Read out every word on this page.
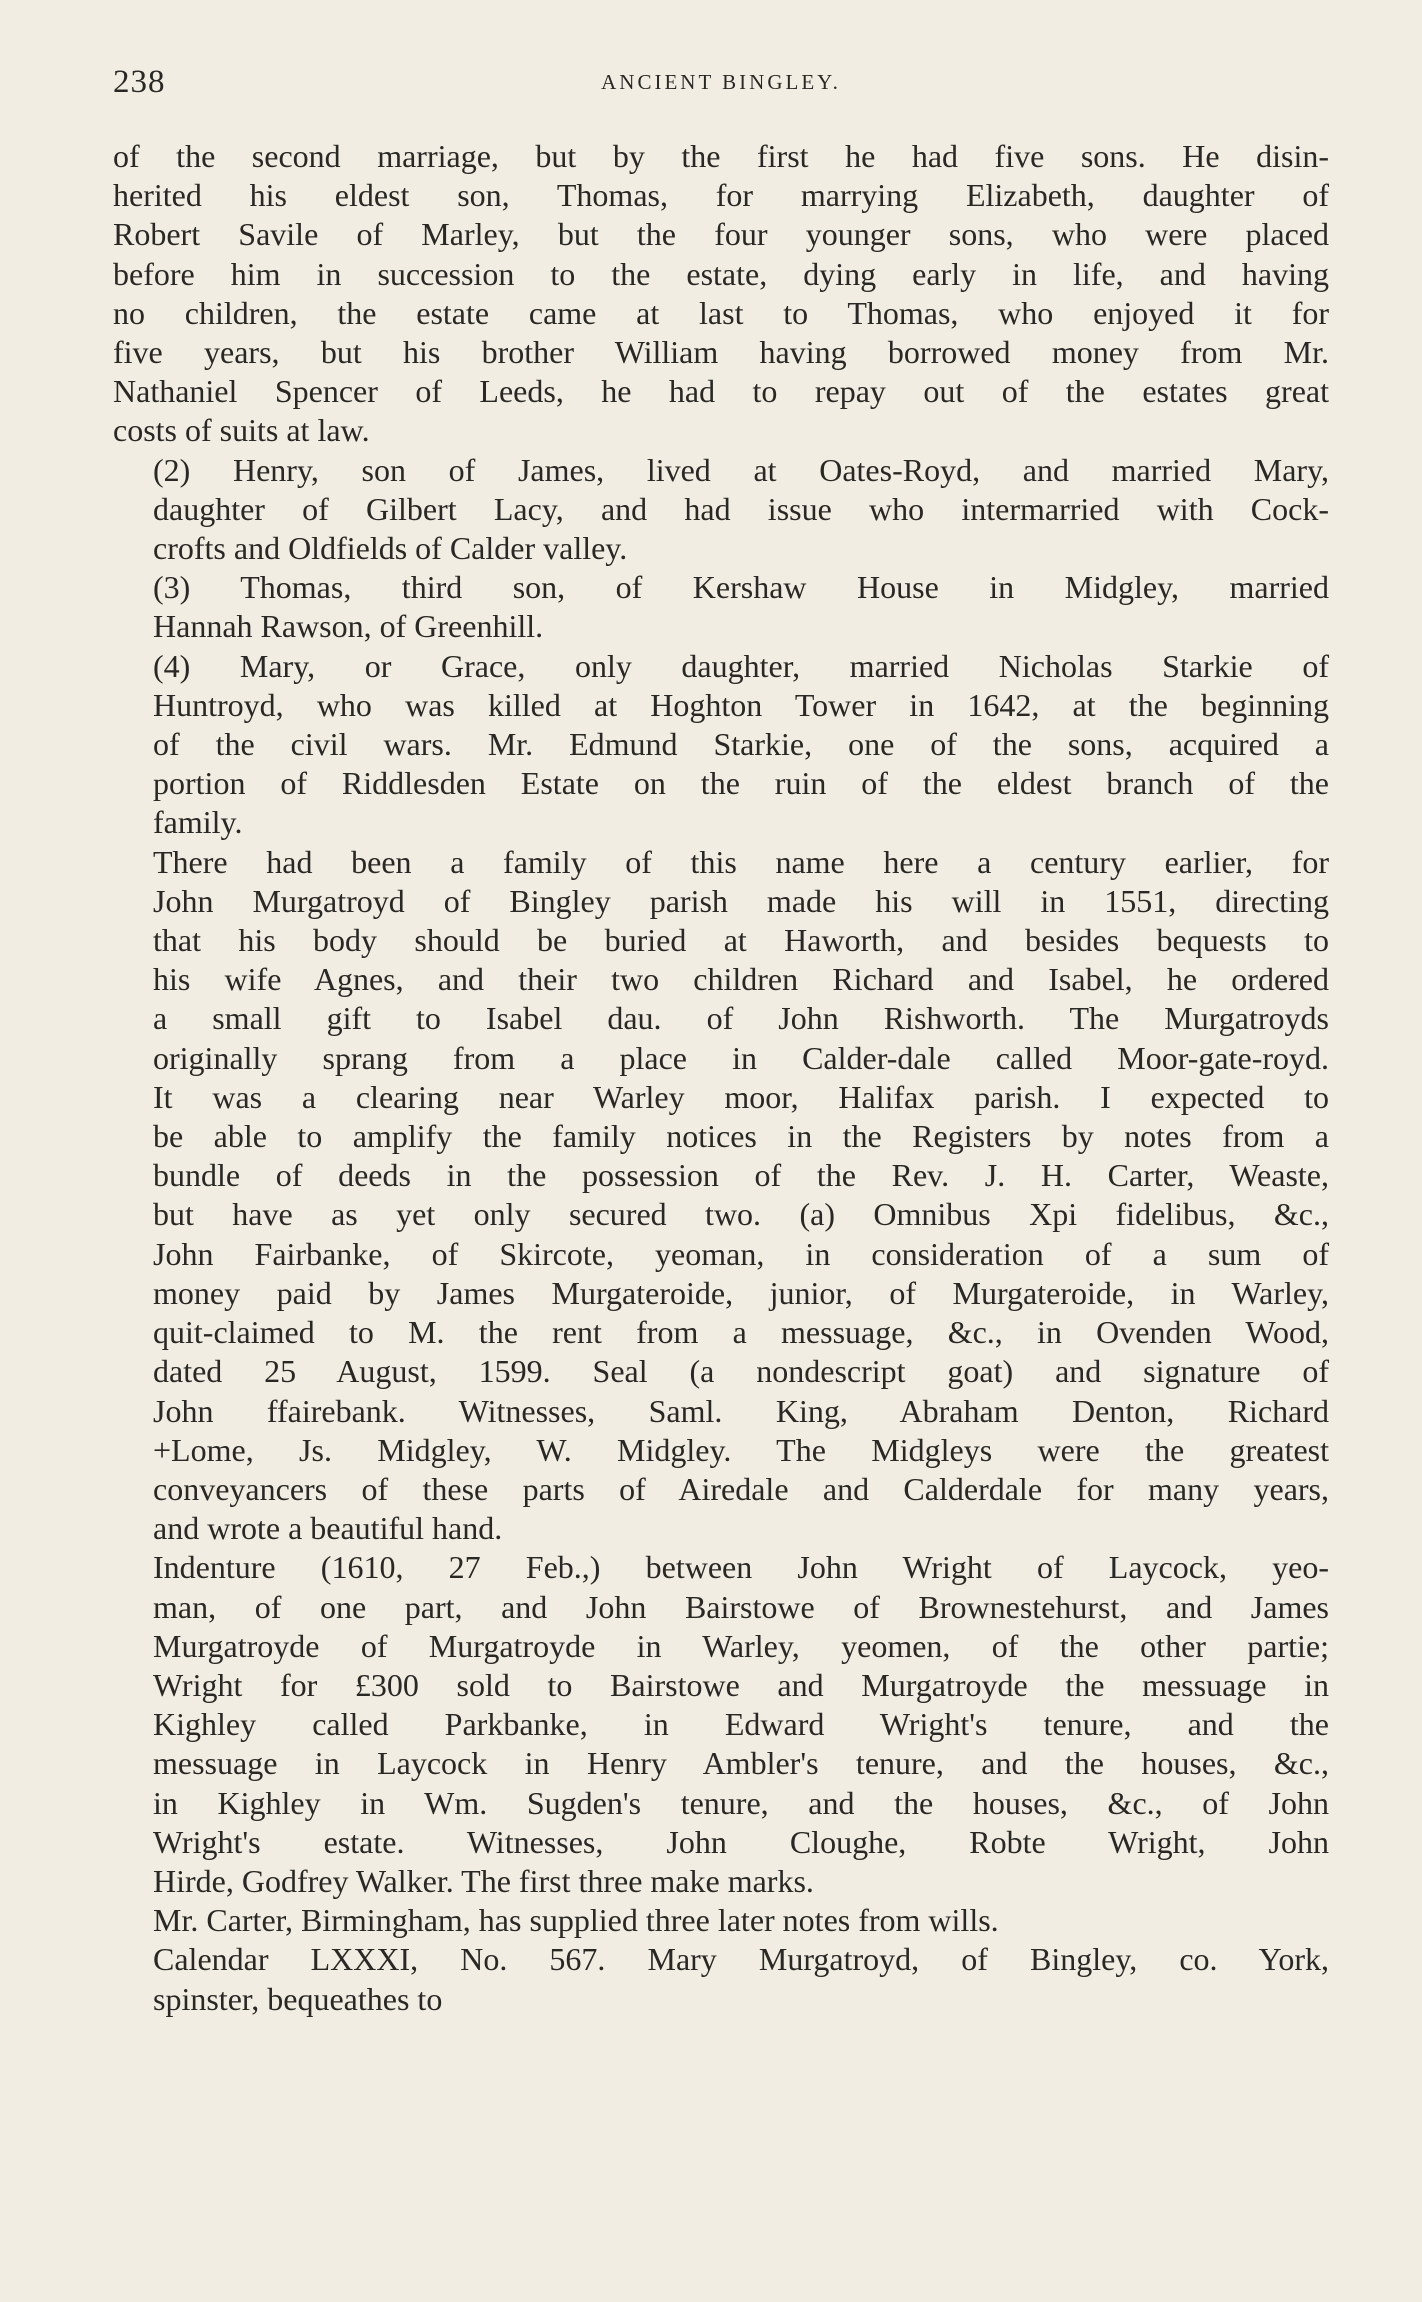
238	ANCIENT BINGLEY.

of the second marriage, but by the first he had five sons. He disin-
herited his eldest son, Thomas, for marrying Elizabeth, daughter of
Robert Savile of Marley, but the four younger sons, who were placed
before him in succession to the estate, dying early in life, and having
no children, the estate came at last to Thomas, who enjoyed it for
five years, but his brother William having borrowed money from Mr.
Nathaniel Spencer of Leeds, he had to repay out of the estates great
costs of suits at law.

(2) Henry, son of James, lived at Oates-Royd, and married Mary,
daughter of Gilbert Lacy, and had issue who intermarried with Cock-
crofts and Oldfields of Calder valley.

(3) Thomas, third son, of Kershaw House in Midgley, married
Hannah Rawson, of Greenhill.

(4) Mary, or Grace, only daughter, married Nicholas Starkie of
Huntroyd, who was killed at Hoghton Tower in 1642, at the beginning
of the civil wars. Mr. Edmund Starkie, one of the sons, acquired a
portion of Riddlesden Estate on the ruin of the eldest branch of the
family.

There had been a family of this name here a century earlier, for
John Murgatroyd of Bingley parish made his will in 1551, directing
that his body should be buried at Haworth, and besides bequests to
his wife Agnes, and their two children Richard and Isabel, he ordered
a small gift to Isabel dau. of John Rishworth. The Murgatroyds
originally sprang from a place in Calder-dale called Moor-gate-royd.
It was a clearing near Warley moor, Halifax parish. I expected to
be able to amplify the family notices in the Registers by notes from a
bundle of deeds in the possession of the Rev. J. H. Carter, Weaste,
but have as yet only secured two. (a) Omnibus Xpi fidelibus, &c.,
John Fairbanke, of Skircote, yeoman, in consideration of a sum of
money paid by James Murgateroide, junior, of Murgateroide, in Warley,
quit-claimed to M. the rent from a messuage, &c., in Ovenden Wood,
dated 25 August, 1599. Seal (a nondescript goat) and signature of
John ffairebank. Witnesses, Saml. King, Abraham Denton, Richard
+Lome, Js. Midgley, W. Midgley. The Midgleys were the greatest
conveyancers of these parts of Airedale and Calderdale for many years,
and wrote a beautiful hand.

Indenture (1610, 27 Feb.,) between John Wright of Laycock, yeo-
man, of one part, and John Bairstowe of Brownestehurst, and James
Murgatroyde of Murgatroyde in Warley, yeomen, of the other partie;
Wright for £300 sold to Bairstowe and Murgatroyde the messuage in
Kighley called Parkbanke, in Edward Wright's tenure, and the
messuage in Laycock in Henry Ambler's tenure, and the houses, &c.,
in Kighley in Wm. Sugden's tenure, and the houses, &c., of John
Wright's estate. Witnesses, John Cloughe, Robte Wright, John
Hirde, Godfrey Walker. The first three make marks.

Mr. Carter, Birmingham, has supplied three later notes from wills.

Calendar LXXXI, No. 567. Mary Murgatroyd, of Bingley, co. York,
spinster, bequeathes to
